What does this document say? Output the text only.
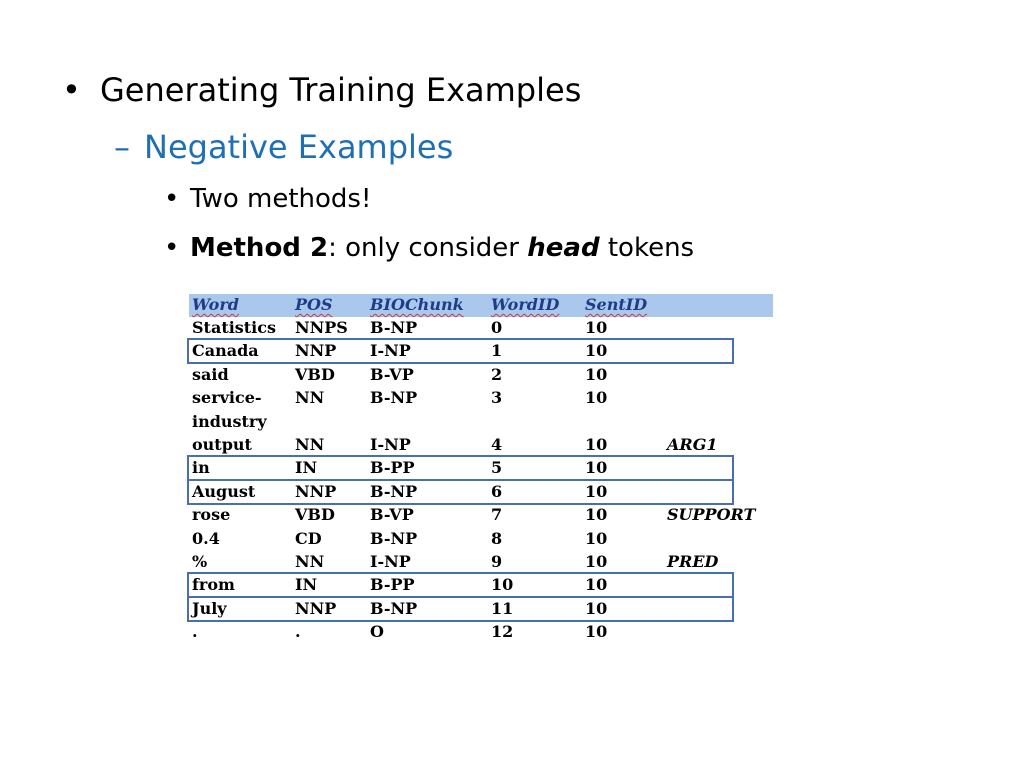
• Generating Training Examples
– Negative Examples
• Two methods!
• Method 2: only consider head tokens
Word	POS BIOChunk WordID SentID
Statistics NNPS B-NP	0	10
Canada NNP I-NP	1	10
said	VBD B-VP	2	10
service- NN	B-NP	3	10
industry
output	NN	I-NP	4	10	ARG1
in	IN	B-PP	5	10
August NNP B-NP	6	10
rose	VBD B-VP	7	10	SUPPORT
0.4	CD	B-NP	8	10
%	NN	I-NP	9	10	PRED
from	IN	B-PP	10	10
July	NNP B-NP	11	10
.	.	O	12	10
